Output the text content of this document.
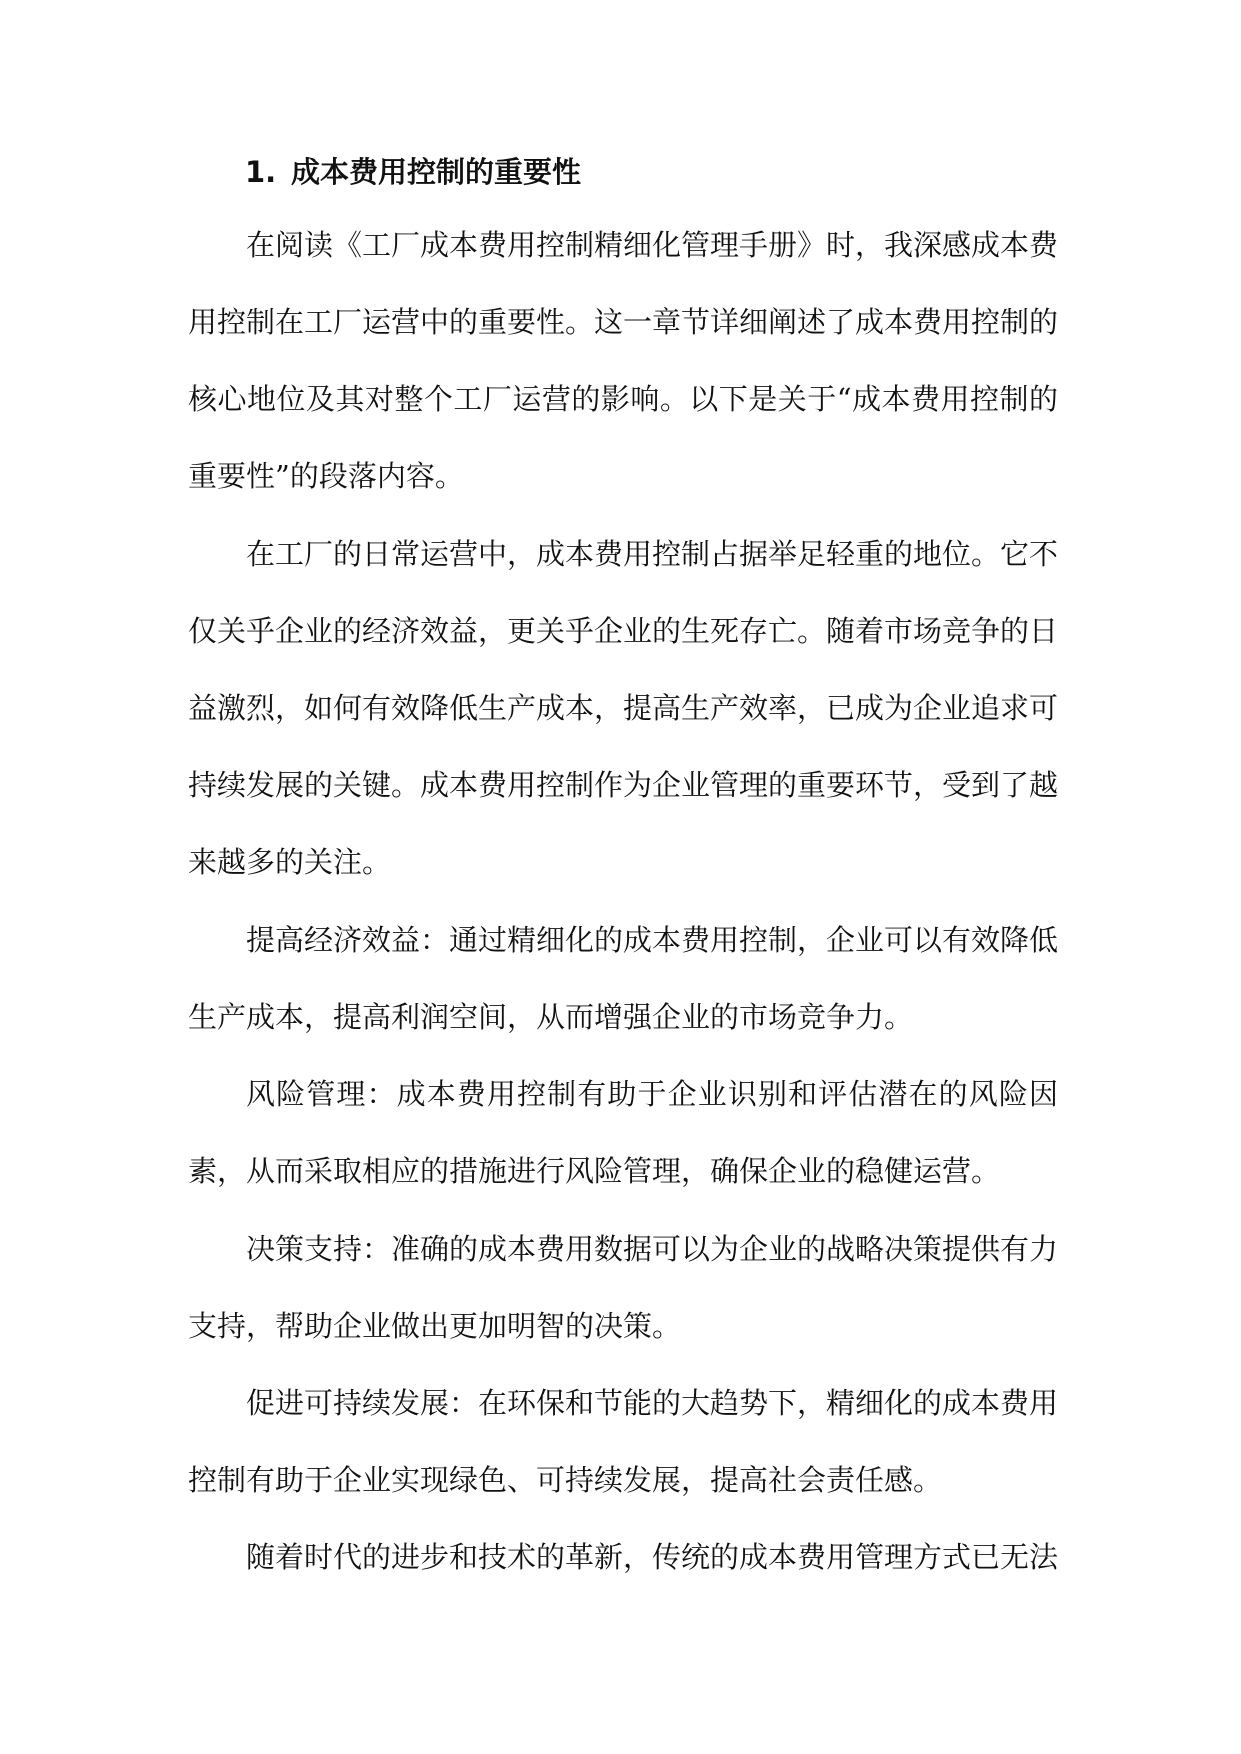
1. 成本费用控制的重要性

在阅读《工厂成本费用控制精细化管理手册》时，我深感成本费用控制在工厂运营中的重要性。这一章节详细阐述了成本费用控制的核心地位及其对整个工厂运营的影响。以下是关于“成本费用控制的重要性”的段落内容。

在工厂的日常运营中，成本费用控制占据举足轻重的地位。它不仅关乎企业的经济效益，更关乎企业的生死存亡。随着市场竞争的日益激烈，如何有效降低生产成本，提高生产效率，已成为企业追求可持续发展的关键。成本费用控制作为企业管理的重要环节，受到了越来越多的关注。

提高经济效益：通过精细化的成本费用控制，企业可以有效降低生产成本，提高利润空间，从而增强企业的市场竞争力。

风险管理：成本费用控制有助于企业识别和评估潜在的风险因素，从而采取相应的措施进行风险管理，确保企业的稳健运营。

决策支持：准确的成本费用数据可以为企业的战略决策提供有力支持，帮助企业做出更加明智的决策。

促进可持续发展：在环保和节能的大趋势下，精细化的成本费用控制有助于企业实现绿色、可持续发展，提高社会责任感。

随着时代的进步和技术的革新，传统的成本费用管理方式已无法
